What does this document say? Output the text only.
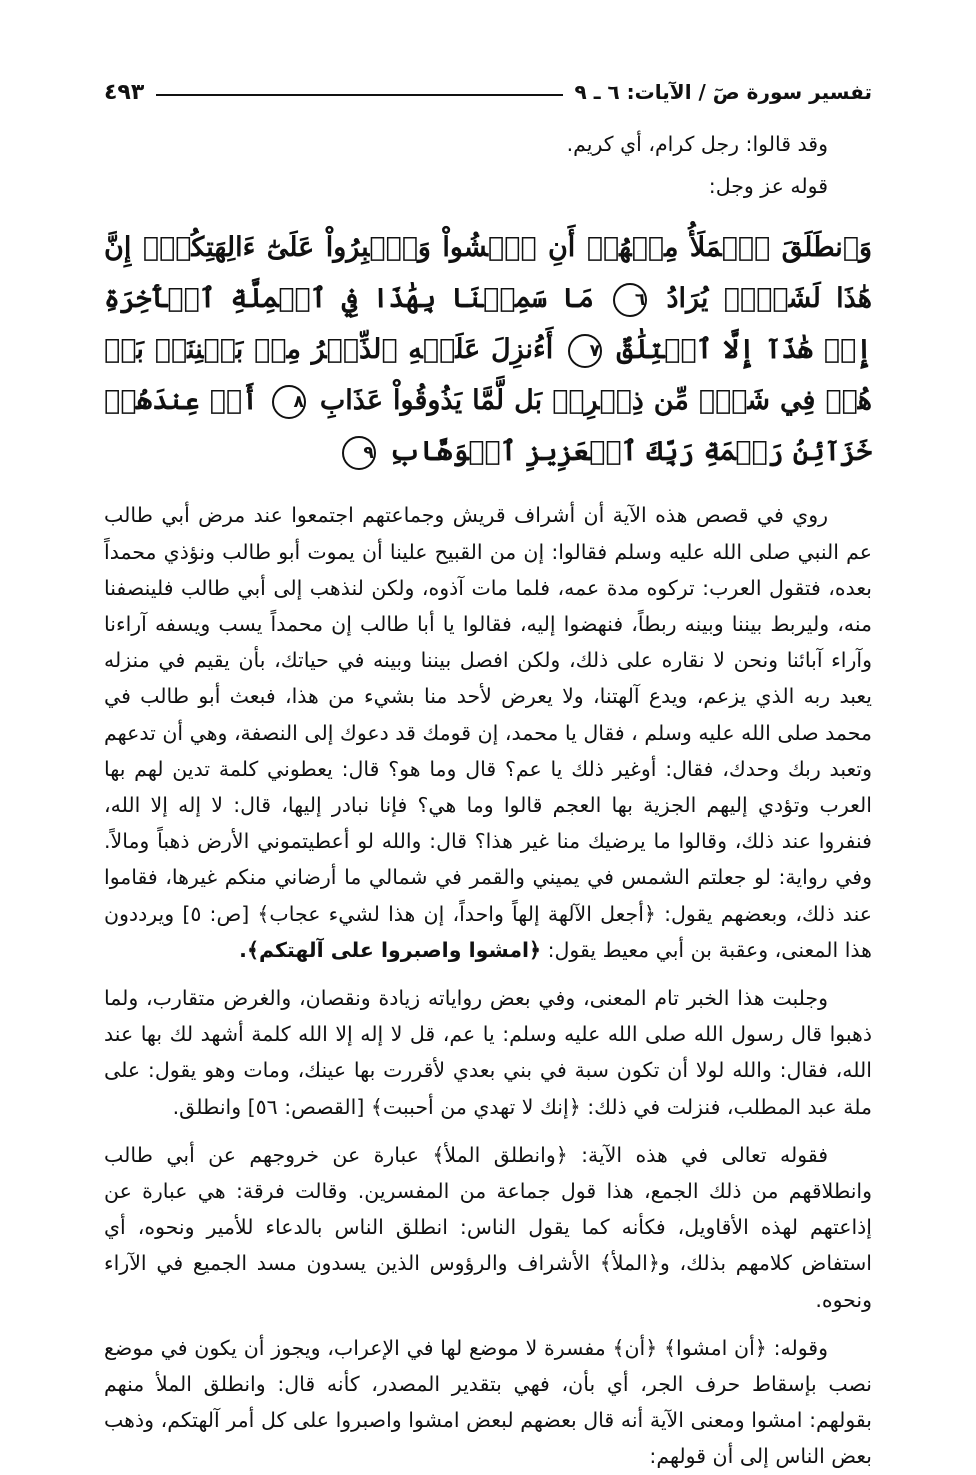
تفسير سورة صٓ / الآيات: ٦ ـ ٩
٤٩٣

وقد قالوا: رجل كرام، أي كريم.

قوله عز وجل:

وَٱنطَلَقَ ٱلۡمَلَأُ مِنۡهُمۡ أَنِ ٱمۡشُواْ وَٱصۡبِرُواْ عَلَىٰٓ ءَالِهَتِكُمۡۖ إِنَّ هَٰذَا لَشَيۡءٞ يُرَادُ ٦ مَا سَمِعۡنَا بِهَٰذَا فِي ٱلۡمِلَّةِ ٱلۡأٓخِرَةِ إِنۡ هَٰذَآ إِلَّا ٱخۡتِلَٰقٌ ٧ أَءُنزِلَ عَلَيۡهِ ٱلذِّكۡرُ مِنۢ بَيۡنِنَاۚ بَلۡ هُمۡ فِي شَكّٖ مِّن ذِكۡرِيۚ بَل لَّمَّا يَذُوقُواْ عَذَابِ ٨ أَمۡ عِندَهُمۡ خَزَآئِنُ رَحۡمَةِ رَبِّكَ ٱلۡعَزِيزِ ٱلۡوَهَّابِ ٩

روي في قصص هذه الآية أن أشراف قريش وجماعتهم اجتمعوا عند مرض أبي طالب عم النبي صلى الله عليه وسلم فقالوا: إن من القبيح علينا أن يموت أبو طالب ونؤذي محمداً بعده، فتقول العرب: تركوه مدة عمه، فلما مات آذوه، ولكن لنذهب إلى أبي طالب فلينصفنا منه، وليربط بيننا وبينه ربطاً، فنهضوا إليه، فقالوا يا أبا طالب إن محمداً يسب ويسفه آراءنا وآراء آبائنا ونحن لا نقاره على ذلك، ولكن افصل بيننا وبينه في حياتك، بأن يقيم في منزله يعبد ربه الذي يزعم، ويدع آلهتنا، ولا يعرض لأحد منا بشيء من هذا، فبعث أبو طالب في محمد صلى الله عليه وسلم ، فقال يا محمد، إن قومك قد دعوك إلى النصفة، وهي أن تدعهم وتعبد ربك وحدك، فقال: أوغير ذلك يا عم؟ قال وما هو؟ قال: يعطوني كلمة تدين لهم بها العرب وتؤدي إليهم الجزية بها العجم قالوا وما هي؟ فإنا نبادر إليها، قال: لا إله إلا الله، فنفروا عند ذلك، وقالوا ما يرضيك منا غير هذا؟ قال: والله لو أعطيتموني الأرض ذهباً ومالاً. وفي رواية: لو جعلتم الشمس في يميني والقمر في شمالي ما أرضاني منكم غيرها، فقاموا عند ذلك، وبعضهم يقول: ﴿أجعل الآلهة إلهاً واحداً، إن هذا لشيء عجاب﴾ [ص: ٥] ويرددون هذا المعنى، وعقبة بن أبي معيط يقول: ﴿امشوا واصبروا على آلهتكم﴾.

وجلبت هذا الخبر تام المعنى، وفي بعض رواياته زيادة ونقصان، والغرض متقارب، ولما ذهبوا قال رسول الله صلى الله عليه وسلم: يا عم، قل لا إله إلا الله كلمة أشهد لك بها عند الله، فقال: والله لولا أن تكون سبة في بني بعدي لأقررت بها عينك، ومات وهو يقول: على ملة عبد المطلب، فنزلت في ذلك: ﴿إنك لا تهدي من أحببت﴾ [القصص: ٥٦] وانطلق.

فقوله تعالى في هذه الآية: ﴿وانطلق الملأ﴾ عبارة عن خروجهم عن أبي طالب وانطلاقهم من ذلك الجمع، هذا قول جماعة من المفسرين. وقالت فرقة: هي عبارة عن إذاعتهم لهذه الأقاويل، فكأنه كما يقول الناس: انطلق الناس بالدعاء للأمير ونحوه، أي استفاض كلامهم بذلك، و﴿الملأ﴾ الأشراف والرؤوس الذين يسدون مسد الجميع في الآراء ونحوه.

وقوله: ﴿أن امشوا﴾ ﴿أن﴾ مفسرة لا موضع لها في الإعراب، ويجوز أن يكون في موضع نصب بإسقاط حرف الجر، أي بأن، فهي بتقدير المصدر، كأنه قال: وانطلق الملأ منهم بقولهم: امشوا ومعنى الآية أنه قال بعضهم لبعض امشوا واصبروا على كل أمر آلهتكم، وذهب بعض الناس إلى أن قولهم:
